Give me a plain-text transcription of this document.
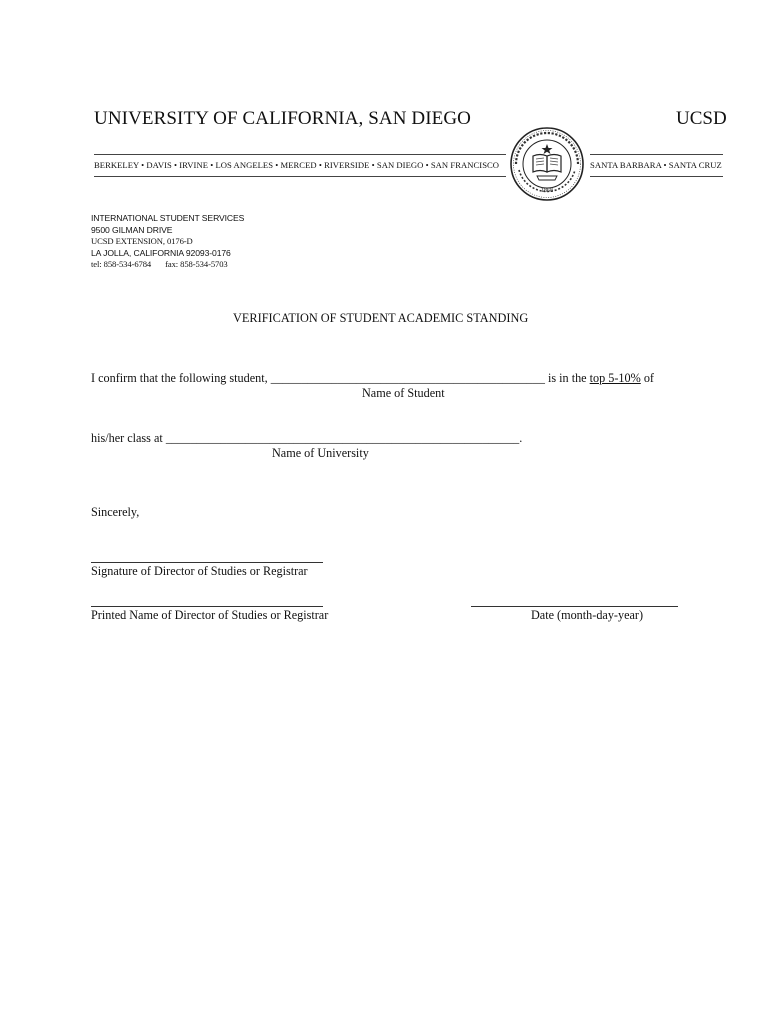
UNIVERSITY OF CALIFORNIA, SAN DIEGO	UCSD
BERKELEY • DAVIS • IRVINE • LOS ANGELES • MERCED • RIVERSIDE • SAN DIEGO • SAN FRANCISCO	SANTA BARBARA • SANTA CRUZ
1868
INTERNATIONAL STUDENT SERVICES
9500 GILMAN DRIVE
UCSD EXTENSION, 0176-D
LA JOLLA, CALIFORNIA 92093-0176
tel: 858-534-6784 fax: 858-534-5703
VERIFICATION OF STUDENT ACADEMIC STANDING
I confirm that the following student, _____________________________________________ is in the top 5-10% of
Name of Student
his/her class at __________________________________________________________.
Name of University
Sincerely,
Signature of Director of Studies or Registrar
Printed Name of Director of Studies or Registrar	Date (month-day-year)
